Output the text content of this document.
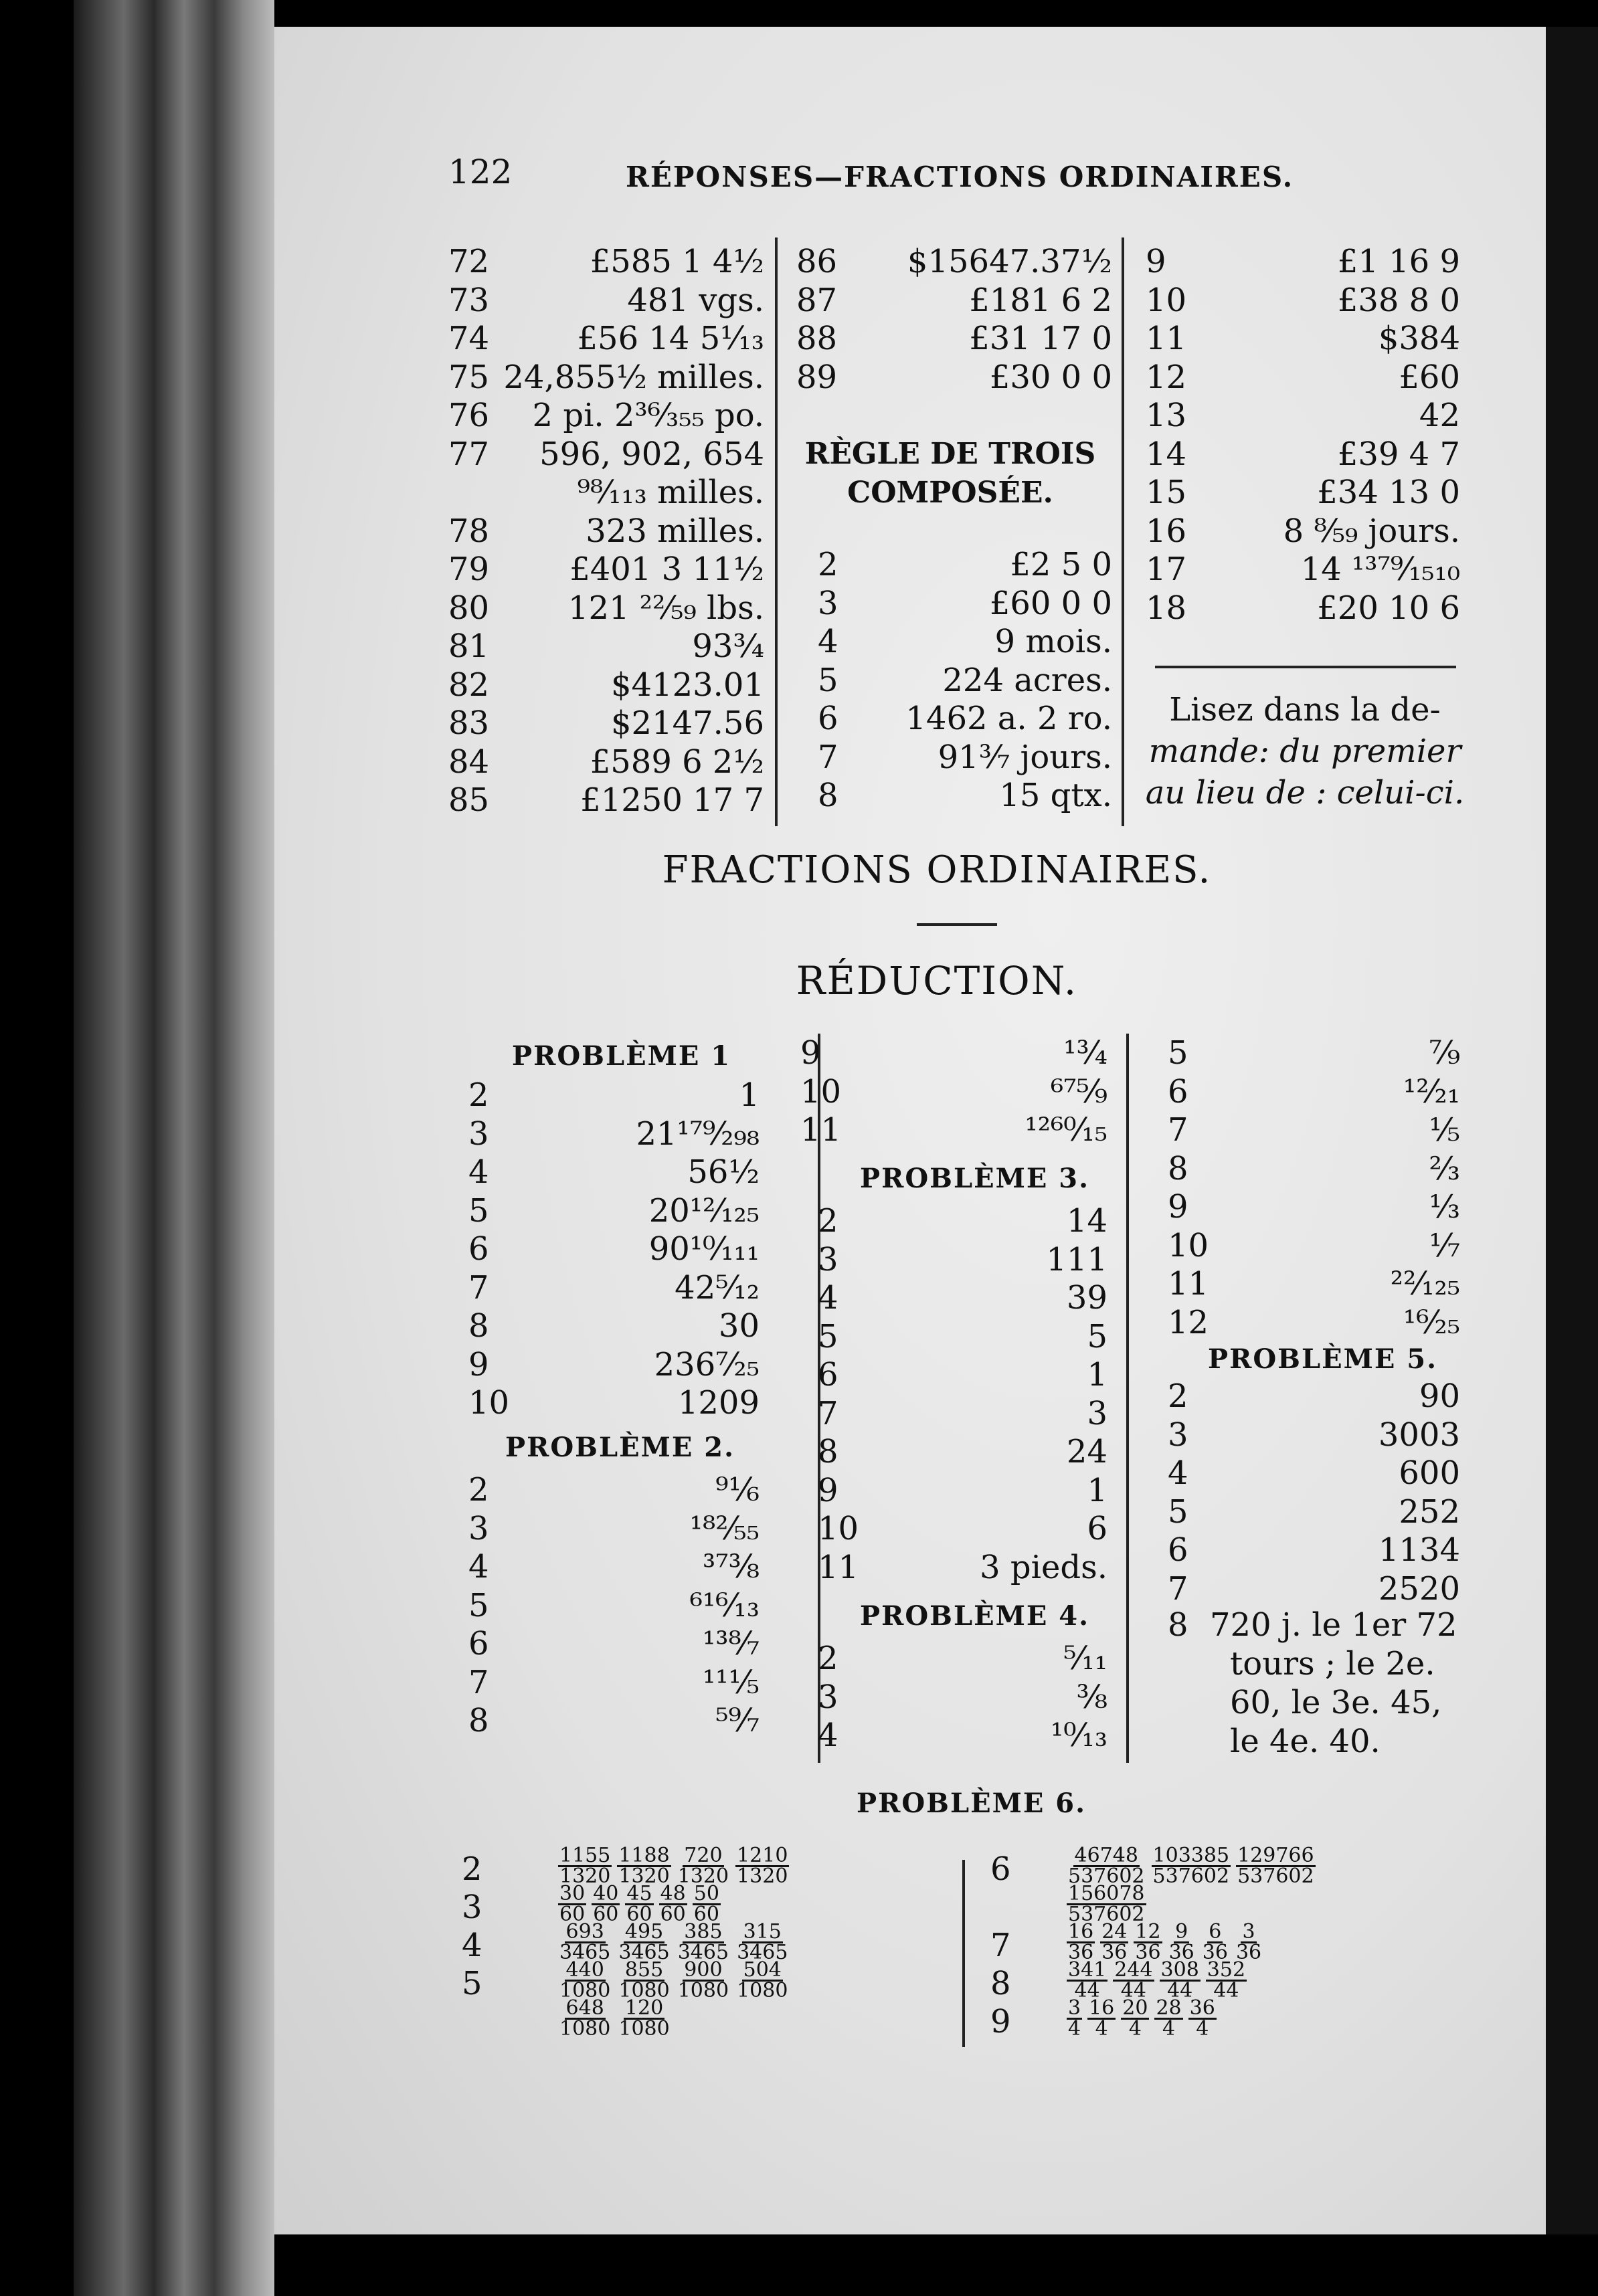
122	RÉPONSES—FRACTIONS ORDINAIRES.
72	£585 1 4½
73	481 vgs.
74	£56 14 5¹⁄₁₃
75 24,855½ milles.
76	2 pi. 2³⁶⁄₃₅₅ po.
77	596, 902, 654
⁹⁸⁄₁₁₃ milles.
78	323 milles.
79	£401 3 11½
80	121 ²²⁄₅₉ lbs.
81	93¾
82	$4123.01
83	$2147.56
84	£589 6 2½
85	£1250 17 7
86	$15647.37½
87	£181 6 2
88	£31 17 0
89	£30 0 0
2	£2 5 0
3	£60 0 0
4	9 mois.
5	224 acres.
6	1462 a. 2 ro.
7	91³⁄₇ jours.
8	15 qtx.
9	£1 16 9
10	£38 8 0
11	$384
12	£60
13	42
14	£39 4 7
15	£34 13 0
16	8 ⁸⁄₅₉ jours.
17	14 ¹³⁷⁹⁄₁₅₁₀
18	£20 10 6
RÈGLE DE TROIS
COMPOSÉE.
Lisez dans la de-
mande: du premier
au lieu de : celui-ci.
FRACTIONS ORDINAIRES.
RÉDUCTION.
PROBLÈME 1
PROBLÈME 2.
PROBLÈME 3.
PROBLÈME 4.
PROBLÈME 5.
2	1
3	21¹⁷⁹⁄₂₉₈
4	56½
5	20¹²⁄₁₂₅
6	90¹⁰⁄₁₁₁
7	42⁵⁄₁₂
8	30
9	236⁷⁄₂₅
10	1209
2	⁹¹⁄₆
3	¹⁸²⁄₅₅
4	³⁷³⁄₈
5	⁶¹⁶⁄₁₃
6	¹³⁸⁄₇
7	¹¹¹⁄₅
8	⁵⁹⁄₇
9	¹³⁄₄
10	⁶⁷⁵⁄₉
11	¹²⁶⁰⁄₁₅
2	14
3	111
4	39
5	5
6	1
7	3
8	24
9	1
10	6
11	3 pieds.
2	⁵⁄₁₁
3	³⁄₈
4	¹⁰⁄₁₃
5	⁷⁄₉
6	¹²⁄₂₁
7	⅕
8	⅔
9	⅓
10	⅐
11	²²⁄₁₂₅
12	¹⁶⁄₂₅
2	90
3	3003
4	600
5	252
6	1134
7	2520
8 720 j. le 1er 72
tours ; le 2e.
60, le 3e. 45,
le 4e. 40.
PROBLÈME 6.
2	$\frac{1155}{1320} \frac{1188}{1320} \frac{720}{1320} \frac{1210}{1320}$
3	$\frac{30}{60} \frac{40}{60} \frac{45}{60} \frac{48}{60} \frac{50}{60}$
4	$\frac{693}{3465} \frac{495}{3465} \frac{385}{3465} \frac{315}{3465}$
5	$\frac{440}{1080} \frac{855}{1080} \frac{900}{1080} \frac{504}{1080}$
$\frac{648}{1080} \frac{120}{1080}$
6	$\frac{46748}{537602} \frac{103385}{537602} \frac{129766}{537602}$
$\frac{156078}{537602}$
7	$\frac{16}{36} \frac{24}{36} \frac{12}{36} \frac{9}{36} \frac{6}{36} \frac{3}{36}$
8	$\frac{341}{44} \frac{244}{44} \frac{308}{44} \frac{352}{44}$
9	$\frac{3}{4} \frac{16}{4} \frac{20}{4} \frac{28}{4} \frac{36}{4}$
